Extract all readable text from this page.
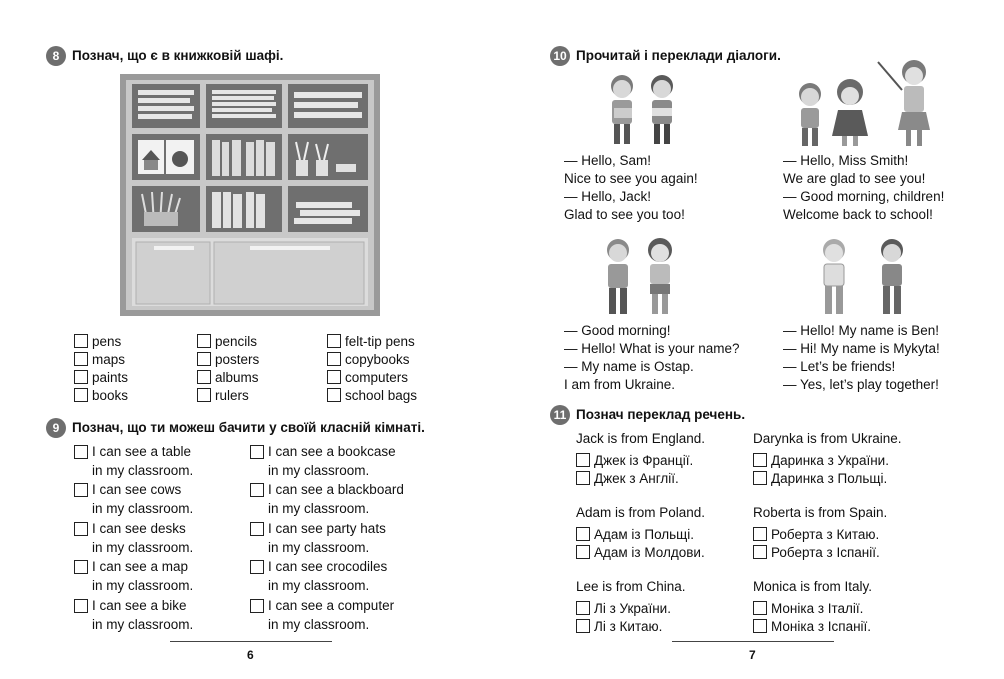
8 Познач, що є в книжковій шафі.
pens
maps
paints
books
pencils
posters
albums
rulers
felt-tip pens
copybooks
computers
school bags
9 Познач, що ти можеш бачити у своїй класній кімнаті.
I can see a table
in my classroom.
I can see cows
in my classroom.
I can see desks
in my classroom.
I can see a map
in my classroom.
I can see a bike
in my classroom.
I can see a bookcase
in my classroom.
I can see a blackboard
in my classroom.
I can see party hats
in my classroom.
I can see crocodiles
in my classroom.
I can see a computer
in my classroom.
6
10 Прочитай і переклади діалоги.
— Hello, Sam!
Nice to see you again!
— Hello, Jack!
Glad to see you too!
— Hello, Miss Smith!
We are glad to see you!
— Good morning, children!
Welcome back to school!
— Good morning!
— Hello! What is your name?
— My name is Ostap.
I am from Ukraine.
— Hello! My name is Ben!
— Hi! My name is Mykyta!
— Let’s be friends!
— Yes, let’s play together!
11 Познач переклад речень.
Jack is from England.
Джек із Франції.
Джек з Англії.
Darynka is from Ukraine.
Даринка з України.
Даринка з Польщі.
Adam is from Poland.
Адам із Польщі.
Адам із Молдови.
Roberta is from Spain.
Роберта з Китаю.
Роберта з Іспанії.
Lee is from China.
Лі з України.
Лі з Китаю.
Monica is from Italy.
Моніка з Італії.
Моніка з Іспанії.
7
